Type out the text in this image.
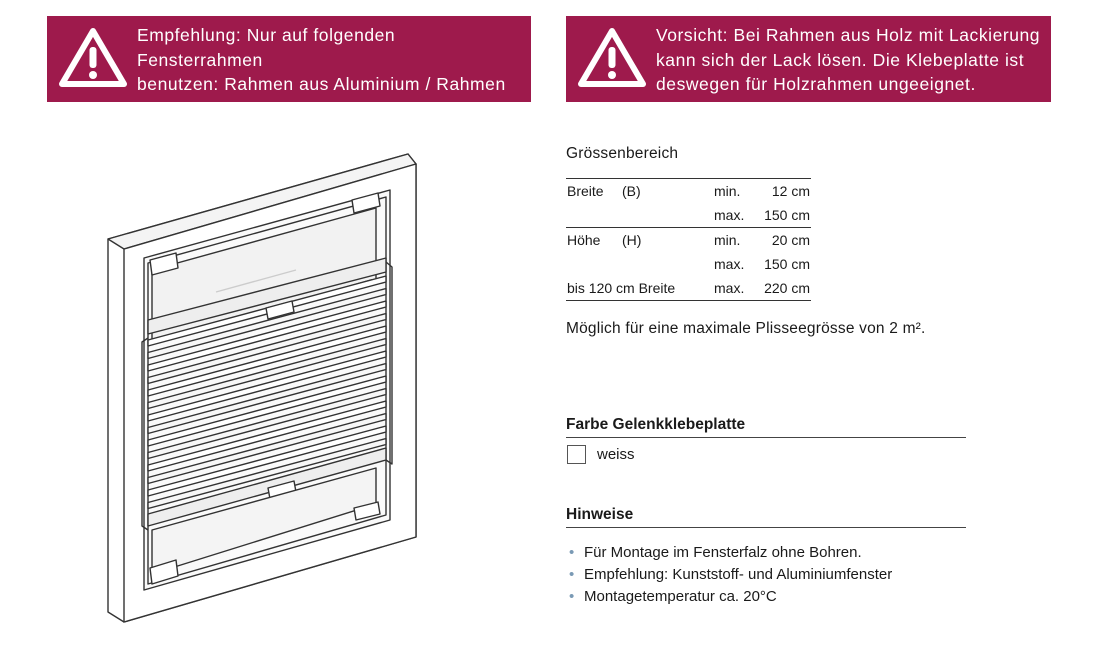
Empfehlung: Nur auf folgenden Fensterrahmen
benutzen: Rahmen aus Aluminium / Rahmen
aus Kunststoff.
Vorsicht: Bei Rahmen aus Holz mit Lackierung
kann sich der Lack lösen. Die Klebeplatte ist
deswegen für Holzrahmen ungeeignet.
Grössenbereich
Breite (B)	min. 12 cm
max. 150 cm
Höhe (H)	min. 20 cm
max. 150 cm
bis 120 cm Breite	max. 220 cm
Möglich für eine maximale Plisseegrösse von 2 m².
Farbe Gelenkklebeplatte
weiss
Hinweise
• Für Montage im Fensterfalz ohne Bohren.
• Empfehlung: Kunststoff- und Aluminiumfenster
• Montagetemperatur ca. 20°C
